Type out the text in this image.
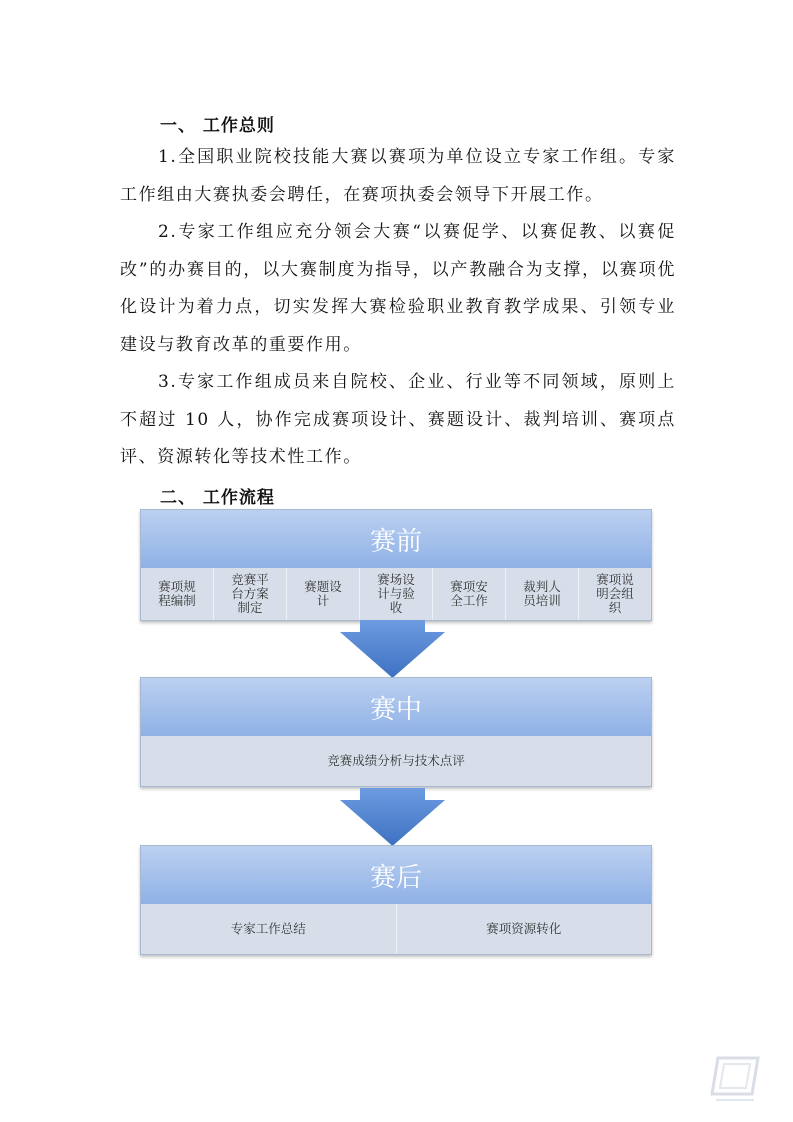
一、 工作总则
1.全国职业院校技能大赛以赛项为单位设立专家工作组。专家工作组由大赛执委会聘任，在赛项执委会领导下开展工作。
2.专家工作组应充分领会大赛“以赛促学、以赛促教、以赛促改”的办赛目的，以大赛制度为指导，以产教融合为支撑，以赛项优化设计为着力点，切实发挥大赛检验职业教育教学成果、引领专业建设与教育改革的重要作用。
3.专家工作组成员来自院校、企业、行业等不同领域，原则上不超过 10 人，协作完成赛项设计、赛题设计、裁判培训、赛项点评、资源转化等技术性工作。
二、 工作流程
赛前
赛项规
程编制
竞赛平
台方案
制定
赛题设
计
赛场设
计与验
收
赛项安
全工作
裁判人
员培训
赛项说
明会组
织
赛中
竞赛成绩分析与技术点评
赛后
专家工作总结	赛项资源转化
